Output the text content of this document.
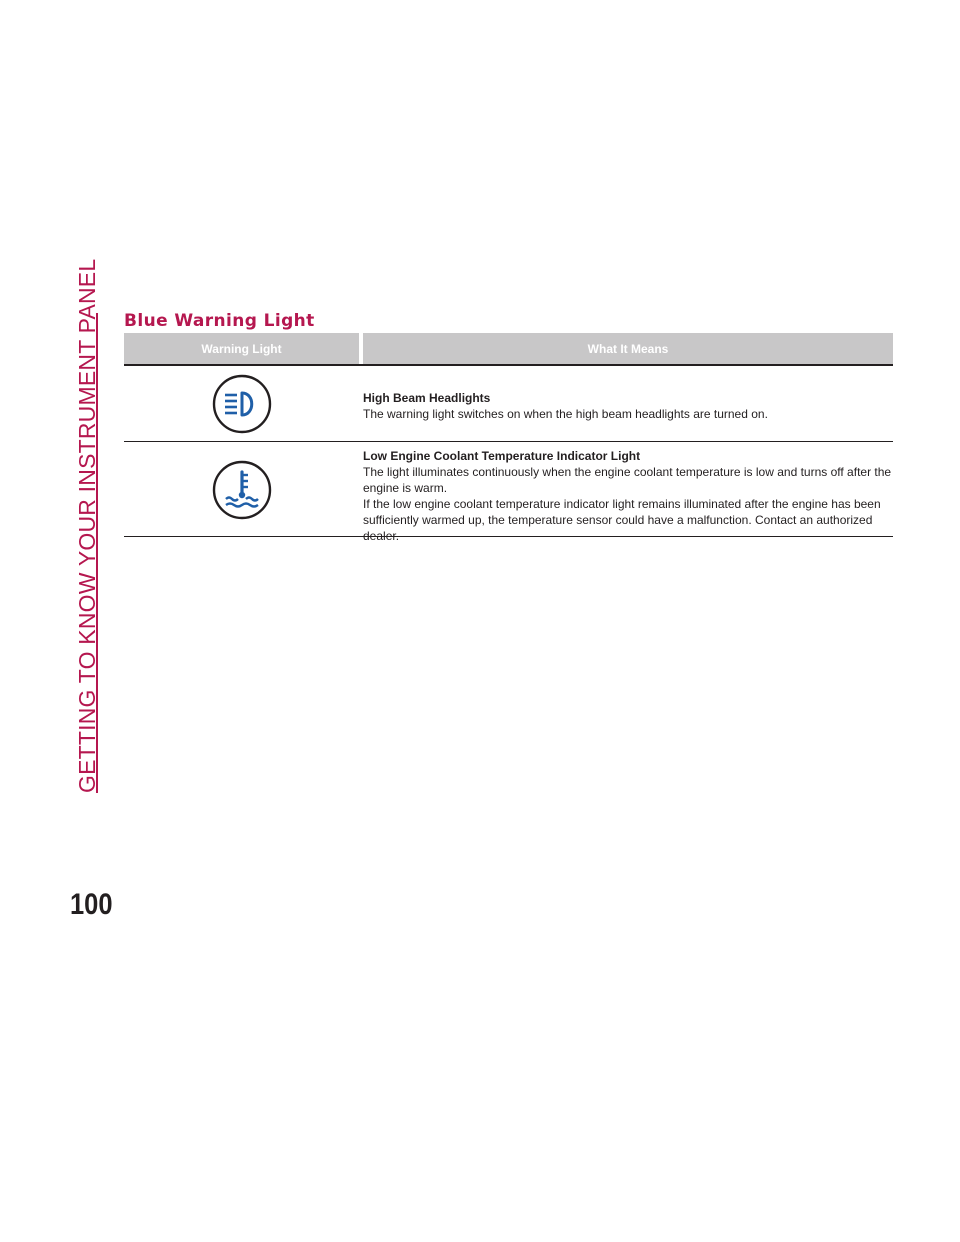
GETTING TO KNOW YOUR INSTRUMENT PANEL
100
Blue Warning Light
Warning Light	What It Means
High Beam Headlights
The warning light switches on when the high beam headlights are turned on.
Low Engine Coolant Temperature Indicator Light
The light illuminates continuously when the engine coolant temperature is low and turns off after the engine is warm.
If the low engine coolant temperature indicator light remains illuminated after the engine has been sufficiently warmed up, the temperature sensor could have a malfunction. Contact an authorized dealer.
